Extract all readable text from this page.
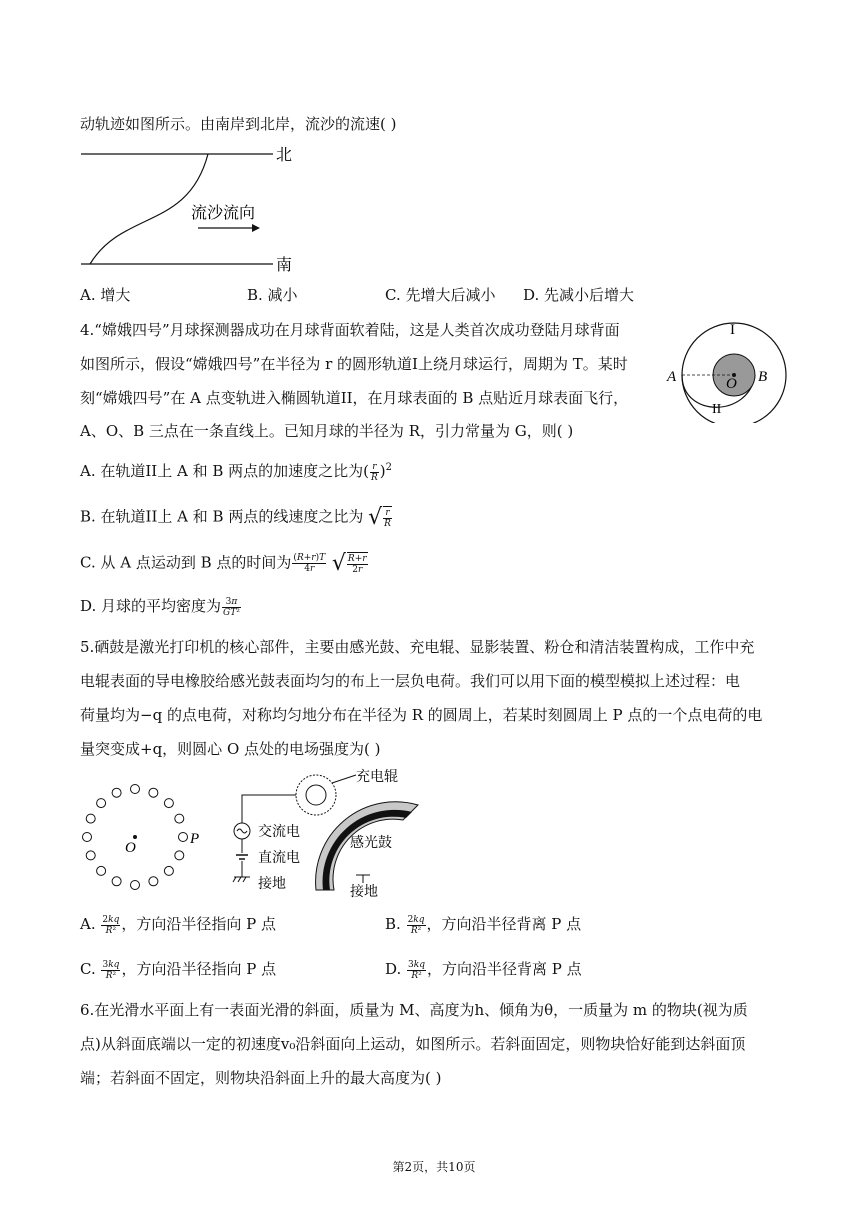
动轨迹如图所示。由南岸到北岸，流沙的流速( )
北
南
流沙流向
A. 增大	B. 减小	C. 先增大后减小 D. 先减小后增大
4.“嫦娥四号”月球探测器成功在月球背面软着陆，这是人类首次成功登陆月球背面
如图所示，假设“嫦娥四号”在半径为 r 的圆形轨道I上绕月球运行，周期为 T。某时
刻“嫦娥四号”在 A 点变轨进入椭圆轨道II，在月球表面的 B 点贴近月球表面飞行，
A、O、B 三点在一条直线上。已知月球的半径为 R，引力常量为 G，则( )
I
II
A	O B
A. 在轨道II上 A 和 B 两点的加速度之比为( $\frac{r}{R} )^2$
B. 在轨道II上 A 和 B 两点的线速度之比为 √ $\frac{r}{R}$
C. 从 A 点运动到 B 点的时间为 $\frac{(R+r)T}{4r}$ √ $\frac{R+r}{2r}$
D. 月球的平均密度为 $\frac{3\pi}{\text{GT²}}$
5.硒鼓是激光打印机的核心部件，主要由感光鼓、充电辊、显影装置、粉仓和清洁装置构成，工作中充
电辊表面的导电橡胶给感光鼓表面均匀的布上一层负电荷。我们可以用下面的模型模拟上述过程：电
荷量均为−q 的点电荷，对称均匀地分布在半径为 R 的圆周上，若某时刻圆周上 P 点的一个点电荷的电
量突变成+q，则圆心 O 点处的电场强度为( )
O
P
充电辊
交流电
直流电
接地
感光鼓
接地
A. $\frac{2kq}{\text{R²}}$ ，方向沿半径指向 P 点	B. $\frac{2kq}{\text{R²}}$ ，方向沿半径背离 P 点
C. $\frac{3kq}{\text{R²}}$ ，方向沿半径指向 P 点	D. $\frac{3kq}{\text{R²}}$ ，方向沿半径背离 P 点
6.在光滑水平面上有一表面光滑的斜面，质量为 M、高度为h、倾角为θ，一质量为 m 的物块(视为质
点)从斜面底端以一定的初速度v₀沿斜面向上运动，如图所示。若斜面固定，则物块恰好能到达斜面顶
端；若斜面不固定，则物块沿斜面上升的最大高度为( )
第2页，共10页
